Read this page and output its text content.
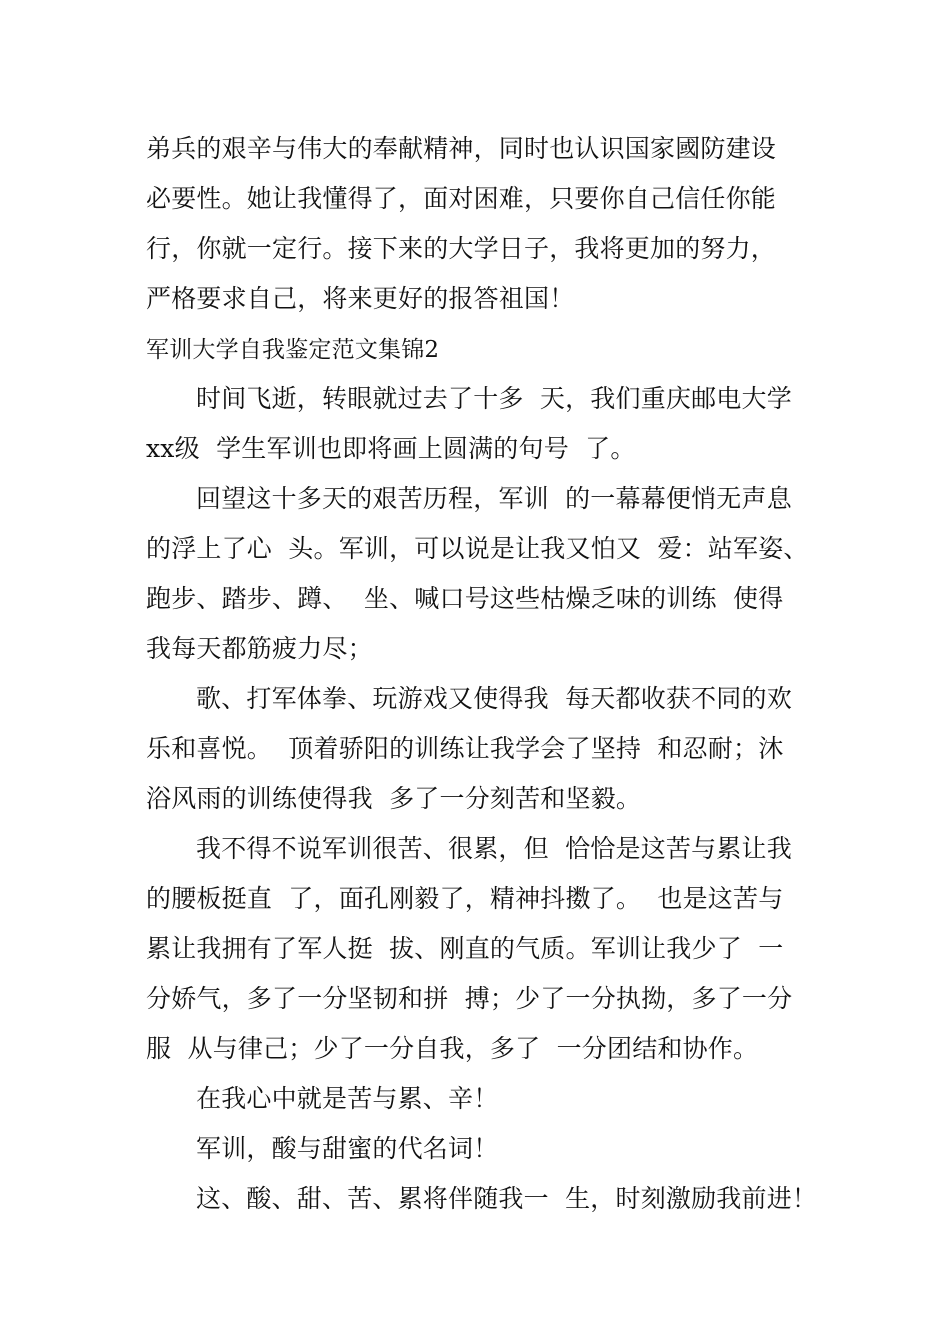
弟兵的艰辛与伟大的奉献精神，同时也认识国家國防建设
必要性。她让我懂得了，面对困难，只要你自己信任你能
行，你就一定行。接下来的大学日子，我将更加的努力，
严格要求自己，将来更好的报答祖国！
军训大学自我鉴定范文集锦2
时间飞逝，转眼就过去了十多  天，我们重庆邮电大学
xx级  学生军训也即将画上圆满的句号  了。
回望这十多天的艰苦历程，军训  的一幕幕便悄无声息
的浮上了心  头。军训，可以说是让我又怕又  爱：站军姿、
跑步、踏步、蹲、  坐、喊口号这些枯燥乏味的训练  使得
我每天都筋疲力尽；
歌、打军体拳、玩游戏又使得我  每天都收获不同的欢
乐和喜悦。  顶着骄阳的训练让我学会了坚持  和忍耐；沐
浴风雨的训练使得我  多了一分刻苦和坚毅。
我不得不说军训很苦、很累，但  恰恰是这苦与累让我
的腰板挺直  了，面孔刚毅了，精神抖擞了。  也是这苦与
累让我拥有了军人挺  拔、刚直的气质。军训让我少了  一
分娇气，多了一分坚韧和拼  搏；少了一分执拗，多了一分
服  从与律己；少了一分自我，多了  一分团结和协作。
在我心中就是苦与累、辛！
军训，酸与甜蜜的代名词！
这、酸、甜、苦、累将伴随我一  生，时刻激励我前进！
